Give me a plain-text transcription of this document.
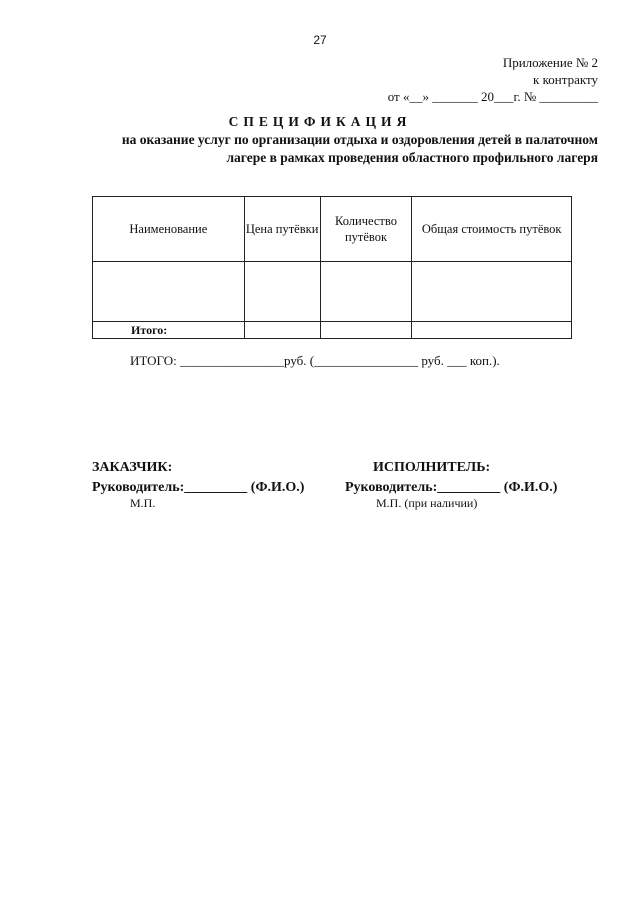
27
Приложение № 2
к контракту
от «__» _______ 20___г. № _________
СПЕЦИФИКАЦИЯ
на оказание услуг по организации отдыха и оздоровления детей в палаточном лагере в рамках проведения областного профильного лагеря
Наименование	Цена путёвки	Количество путёвок	Общая стоимость путёвок

Итого:			
ИТОГО: ________________руб. (________________ руб. ___ коп.).
ЗАКАЗЧИК:
Руководитель:_________ (Ф.И.О.)
М.П.
ИСПОЛНИТЕЛЬ:
Руководитель:_________ (Ф.И.О.)
М.П. (при наличии)
